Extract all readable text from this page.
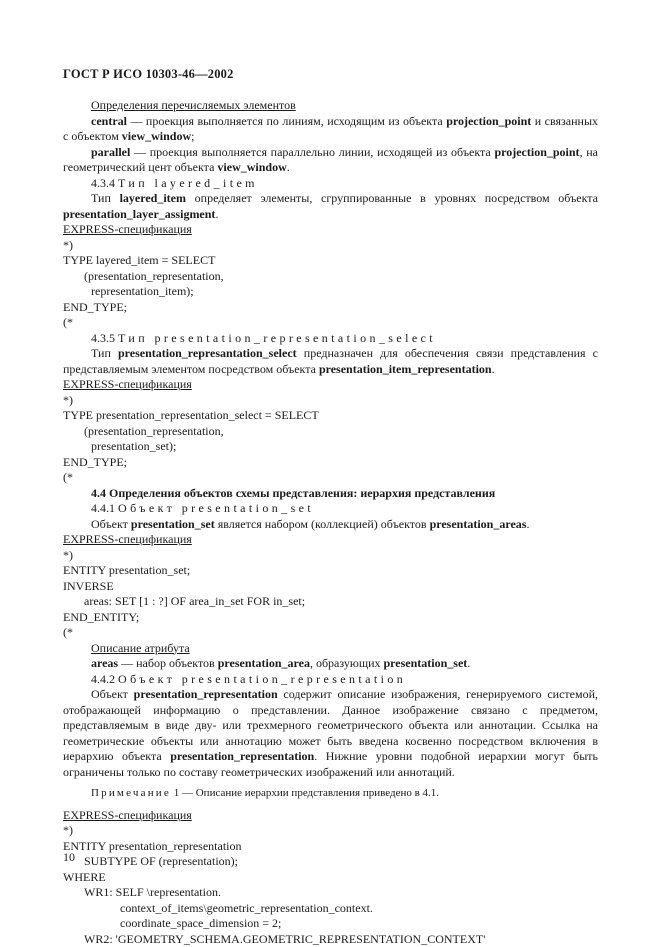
ГОСТ Р ИСО 10303-46—2002

Определения перечисляемых элементов

central — проекция выполняется по линиям, исходящим из объекта projection_point и связанных с объектом view_window;

parallel — проекция выполняется параллельно линии, исходящей из объекта projection_point, на геометрический цент объекта view_window.

4.3.4 Тип layered_item

Тип layered_item определяет элементы, сгруппированные в уровнях посредством объекта presentation_layer_assigment.

EXPRESS-спецификация

*)

TYPE layered_item = SELECT

(presentation_representation,

representation_item);

END_TYPE;

(*

4.3.5 Тип presentation_representation_select

Тип presentation_represantation_select предназначен для обеспечения связи представления с представляемым элементом посредством объекта presentation_item_representation.

EXPRESS-спецификация

*)

TYPE presentation_representation_select = SELECT

(presentation_representation,

presentation_set);

END_TYPE;

(*

4.4 Определения объектов схемы представления: иерархия представления

4.4.1 Объект presentation_set

Объект presentation_set является набором (коллекцией) объектов presentation_areas.

EXPRESS-спецификация

*)

ENTITY presentation_set;

INVERSE

areas: SET [1 : ?] OF area_in_set FOR in_set;

END_ENTITY;

(*

Описание атрибута

areas — набор объектов presentation_area, образующих presentation_set.

4.4.2 Объект presentation_representation

Объект presentation_representation содержит описание изображения, генерируемого системой, отображающей информацию о представлении. Данное изображение связано с предметом, представляемым в виде дву- или трехмерного геометрического объекта или аннотации. Ссылка на геометрические объекты или аннотацию может быть введена косвенно посредством включения в иерархию объекта presentation_representation. Нижние уровни подобной иерархии могут быть ограничены только по составу геометрических изображений или аннотаций.

Примечание 1 — Описание иерархии представления приведено в 4.1.

EXPRESS-спецификация

*)

ENTITY presentation_representation

SUBTYPE OF (representation);

WHERE

WR1: SELF \representation.

context_of_items\geometric_representation_context.

coordinate_space_dimension = 2;

WR2: 'GEOMETRY_SCHEMA.GEOMETRIC_REPRESENTATION_CONTEXT'

10
